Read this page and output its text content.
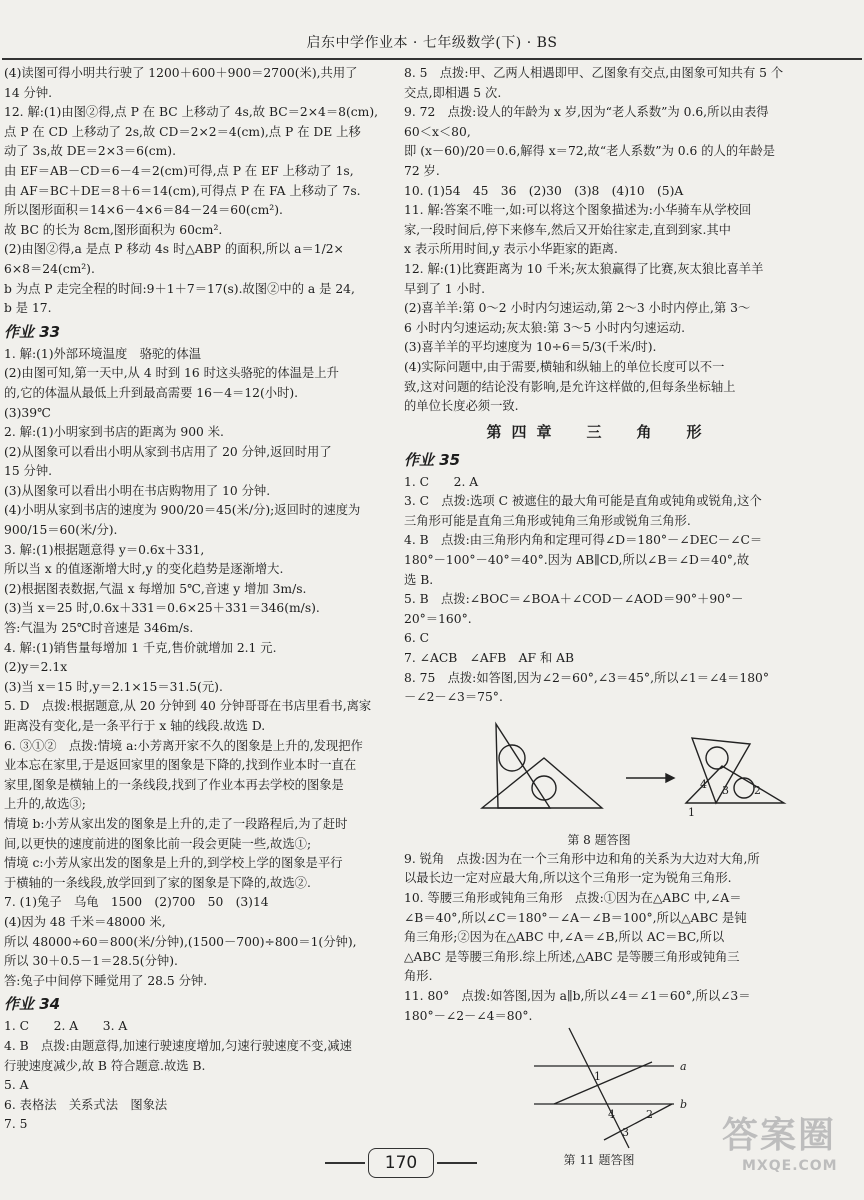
启东中学作业本 · 七年级数学(下) · BS
(4)读图可得小明共行驶了 1200＋600＋900＝2700(米),共用了
14 分钟.
12. 解:(1)由图②得,点 P 在 BC 上移动了 4s,故 BC＝2×4＝8(cm),
点 P 在 CD 上移动了 2s,故 CD＝2×2＝4(cm),点 P 在 DE 上移
动了 3s,故 DE＝2×3＝6(cm).
由 EF＝AB－CD＝6－4＝2(cm)可得,点 P 在 EF 上移动了 1s,
由 AF＝BC＋DE＝8＋6＝14(cm),可得点 P 在 FA 上移动了 7s.
所以图形面积＝14×6－4×6＝84－24＝60(cm²).
故 BC 的长为 8cm,图形面积为 60cm².
(2)由图②得,a 是点 P 移动 4s 时△ABP 的面积,所以 a＝1/2×
6×8＝24(cm²).
b 为点 P 走完全程的时间:9＋1＋7＝17(s).故图②中的 a 是 24,
b 是 17.
作业 33
1. 解:(1)外部环境温度　骆驼的体温
(2)由图可知,第一天中,从 4 时到 16 时这头骆驼的体温是上升
的,它的体温从最低上升到最高需要 16－4＝12(小时).
(3)39℃
2. 解:(1)小明家到书店的距离为 900 米.
(2)从图象可以看出小明从家到书店用了 20 分钟,返回时用了
15 分钟.
(3)从图象可以看出小明在书店购物用了 10 分钟.
(4)小明从家到书店的速度为 900/20＝45(米/分);返回时的速度为
900/15＝60(米/分).
3. 解:(1)根据题意得 y＝0.6x＋331,
所以当 x 的值逐渐增大时,y 的变化趋势是逐渐增大.
(2)根据图表数据,气温 x 每增加 5℃,音速 y 增加 3m/s.
(3)当 x＝25 时,0.6x＋331＝0.6×25＋331＝346(m/s).
答:气温为 25℃时音速是 346m/s.
4. 解:(1)销售量每增加 1 千克,售价就增加 2.1 元.
(2)y＝2.1x
(3)当 x＝15 时,y＝2.1×15＝31.5(元).
5. D　点拨:根据题意,从 20 分钟到 40 分钟哥哥在书店里看书,离家
距离没有变化,是一条平行于 x 轴的线段.故选 D.
6. ③①②　点拨:情境 a:小芳离开家不久的图象是上升的,发现把作
业本忘在家里,于是返回家里的图象是下降的,找到作业本时一直在
家里,图象是横轴上的一条线段,找到了作业本再去学校的图象是
上升的,故选③;
情境 b:小芳从家出发的图象是上升的,走了一段路程后,为了赶时
间,以更快的速度前进的图象比前一段会更陡一些,故选①;
情境 c:小芳从家出发的图象是上升的,到学校上学的图象是平行
于横轴的一条线段,放学回到了家的图象是下降的,故选②.
7. (1)兔子　乌龟　1500　(2)700　50　(3)14
(4)因为 48 千米＝48000 米,
所以 48000÷60＝800(米/分钟),(1500－700)÷800＝1(分钟),
所以 30＋0.5－1＝28.5(分钟).
答:兔子中间停下睡觉用了 28.5 分钟.
作业 34
1. C　　2. A　　3. A
4. B　点拨:由题意得,加速行驶速度增加,匀速行驶速度不变,减速
行驶速度减少,故 B 符合题意.故选 B.
5. A
6. 表格法　关系式法　图象法
7. 5
8. 5　点拨:甲、乙两人相遇即甲、乙图象有交点,由图象可知共有 5 个
交点,即相遇 5 次.
9. 72　点拨:设人的年龄为 x 岁,因为“老人系数”为 0.6,所以由表得
60＜x＜80,
即 (x－60)/20＝0.6,解得 x＝72,故“老人系数”为 0.6 的人的年龄是
72 岁.
10. (1)54　45　36　(2)30　(3)8　(4)10　(5)A
11. 解:答案不唯一,如:可以将这个图象描述为:小华骑车从学校回
家,一段时间后,停下来修车,然后又开始往家走,直到到家.其中
x 表示所用时间,y 表示小华距家的距离.
12. 解:(1)比赛距离为 10 千米;灰太狼赢得了比赛,灰太狼比喜羊羊
早到了 1 小时.
(2)喜羊羊:第 0～2 小时内匀速运动,第 2～3 小时内停止,第 3～
6 小时内匀速运动;灰太狼:第 3～5 小时内匀速运动.
(3)喜羊羊的平均速度为 10÷6＝5/3(千米/时).
(4)实际问题中,由于需要,横轴和纵轴上的单位长度可以不一
致,这对问题的结论没有影响,是允许这样做的,但每条坐标轴上
的单位长度必须一致.
第四章　三　角　形
作业 35
1. C　　2. A
3. C　点拨:选项 C 被遮住的最大角可能是直角或钝角或锐角,这个
三角形可能是直角三角形或钝角三角形或锐角三角形.
4. B　点拨:由三角形内角和定理可得∠D＝180°－∠DEC－∠C＝
180°－100°－40°＝40°.因为 AB∥CD,所以∠B＝∠D＝40°,故
选 B.
5. B　点拨:∠BOC＝∠BOA＋∠COD－∠AOD＝90°＋90°－
20°＝160°.
6. C
7. ∠ACB　∠AFB　AF 和 AB
8. 75　点拨:如答图,因为∠2＝60°,∠3＝45°,所以∠1＝∠4＝180°
－∠2－∠3＝75°.
1
4 3 2
第 8 题答图
9. 锐角　点拨:因为在一个三角形中边和角的关系为大边对大角,所
以最长边一定对应最大角,所以这个三角形一定为锐角三角形.
10. 等腰三角形或钝角三角形　点拨:①因为在△ABC 中,∠A＝
∠B＝40°,所以∠C＝180°－∠A－∠B＝100°,所以△ABC 是钝
角三角形;②因为在△ABC 中,∠A＝∠B,所以 AC＝BC,所以
△ABC 是等腰三角形.综上所述,△ABC 是等腰三角形或钝角三
角形.
11. 80°　点拨:如答图,因为 a∥b,所以∠4＝∠1＝60°,所以∠3＝
180°－∠2－∠4＝80°.
1
a
b
4	2
3
第 11 题答图
170
答案圈
MXQE.COM
